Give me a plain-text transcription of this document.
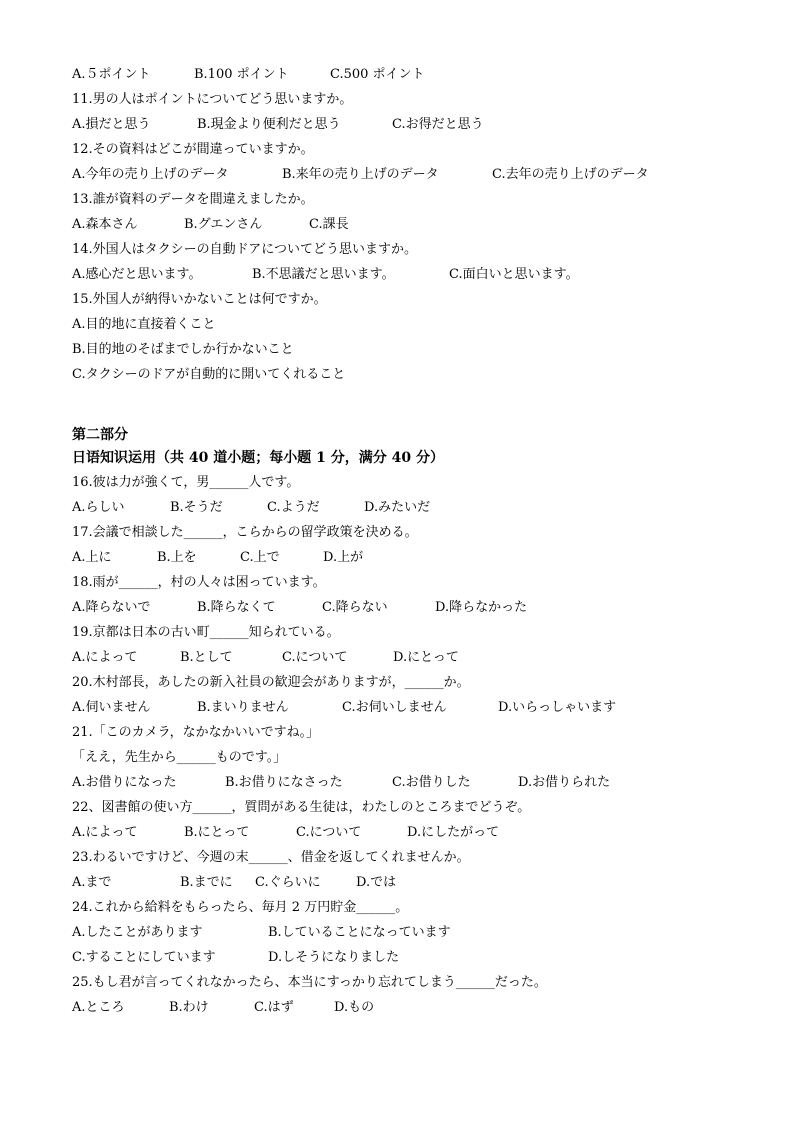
A.５ポイント	B.100 ポイント	C.500 ポイント
11.男の人はポイントについてどう思いますか。
A.損だと思う	B.現金より便利だと思う	C.お得だと思う
12.その資料はどこが間違っていますか。
A.今年の売り上げのデータ	B.来年の売り上げのデータ	C.去年の売り上げのデータ
13.誰が資料のデータを間違えましたか。
A.森本さん	B.グエンさん	C.課長
14.外国人はタクシーの自動ドアについてどう思いますか。
A.感心だと思います。	B.不思議だと思います。	C.面白いと思います。
15.外国人が納得いかないことは何ですか。
A.目的地に直接着くこと
B.目的地のそばまでしか行かないこと
C.タクシーのドアが自動的に開いてくれること
第二部分
日语知识运用（共 40 道小题；每小题 1 分，满分 40 分）
16.彼は力が強くて，男______人です。
A.らしい	B.そうだ	C.ようだ	D.みたいだ
17.会議で相談した______，こらからの留学政策を決める。
A.上に	B.上を	C.上で	D.上が
18.雨が______，村の人々は困っています。
A.降らないで	B.降らなくて	C.降らない	D.降らなかった
19.京都は日本の古い町______知られている。
A.によって	B.として	C.について	D.にとって
20.木村部長，あしたの新入社員の歓迎会がありますが，______か。
A.伺いません	B.まいりません	C.お伺いしません	D.いらっしゃいます
21.「このカメラ，なかなかいいですね。」
「ええ，先生から______ものです。」
A.お借りになった	B.お借りになさった	C.お借りした	D.お借りられた
22、図書館の使い方______，質問がある生徒は，わたしのところまでどうぞ。
A.によって	B.にとって	C.について	D.にしたがって
23.わるいですけど、今週の末______、借金を返してくれませんか。
A.まで	B.までに C.ぐらいに	D.では
24.これから給料をもらったら、毎月 2 万円貯金______。
A.したことがあります	B.していることになっています
C.することにしています	D.しそうになりました
25.もし君が言ってくれなかったら、本当にすっかり忘れてしまう______だった。
A.ところ	B.わけ	C.はず	D.もの
